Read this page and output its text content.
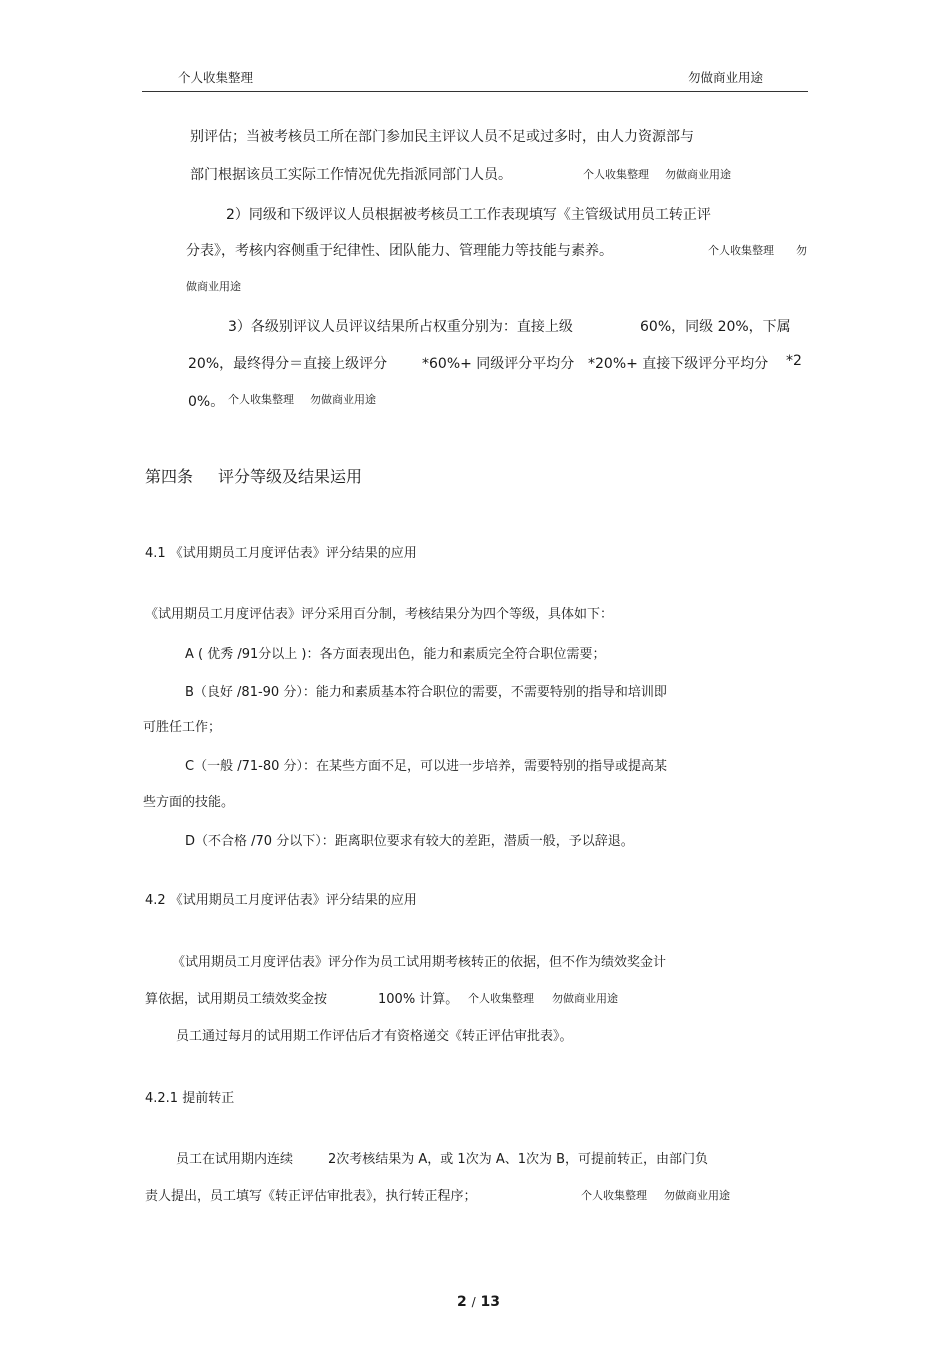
个人收集整理	勿做商业用途
别评估；当被考核员工所在部门参加民主评议人员不足或过多时，由人力资源部与
部门根据该员工实际工作情况优先指派同部门人员。	个人收集整理 勿做商业用途
2）同级和下级评议人员根据被考核员工工作表现填写《主管级试用员工转正评
分表》，考核内容侧重于纪律性、团队能力、管理能力等技能与素养。	个人收集整理 勿
做商业用途
3）各级别评议人员评议结果所占权重分别为：直接上级	60%，同级 20%，下属
20%，最终得分＝直接上级评分 *60%+ 同级评分平均分 *20%+ 直接下级评分平均分 *2
0%。 个人收集整理 勿做商业用途
第四条 评分等级及结果运用
4.1 《试用期员工月度评估表》评分结果的应用
《试用期员工月度评估表》评分采用百分制，考核结果分为四个等级，具体如下：
A ( 优秀 /91分以上 )：各方面表现出色，能力和素质完全符合职位需要；
B（良好 /81-90 分）：能力和素质基本符合职位的需要，不需要特别的指导和培训即
可胜任工作；
C（一般 /71-80 分）：在某些方面不足，可以进一步培养，需要特别的指导或提高某
些方面的技能。
D（不合格 /70 分以下）：距离职位要求有较大的差距，潜质一般，予以辞退。
4.2 《试用期员工月度评估表》评分结果的应用
《试用期员工月度评估表》评分作为员工试用期考核转正的依据，但不作为绩效奖金计
算依据，试用期员工绩效奖金按	100% 计算。 个人收集整理 勿做商业用途
员工通过每月的试用期工作评估后才有资格递交《转正评估审批表》。
4.2.1 提前转正
员工在试用期内连续	2次考核结果为 A，或 1次为 A、1次为 B，可提前转正，由部门负
责人提出，员工填写《转正评估审批表》，执行转正程序；	个人收集整理 勿做商业用途
2 / 13
